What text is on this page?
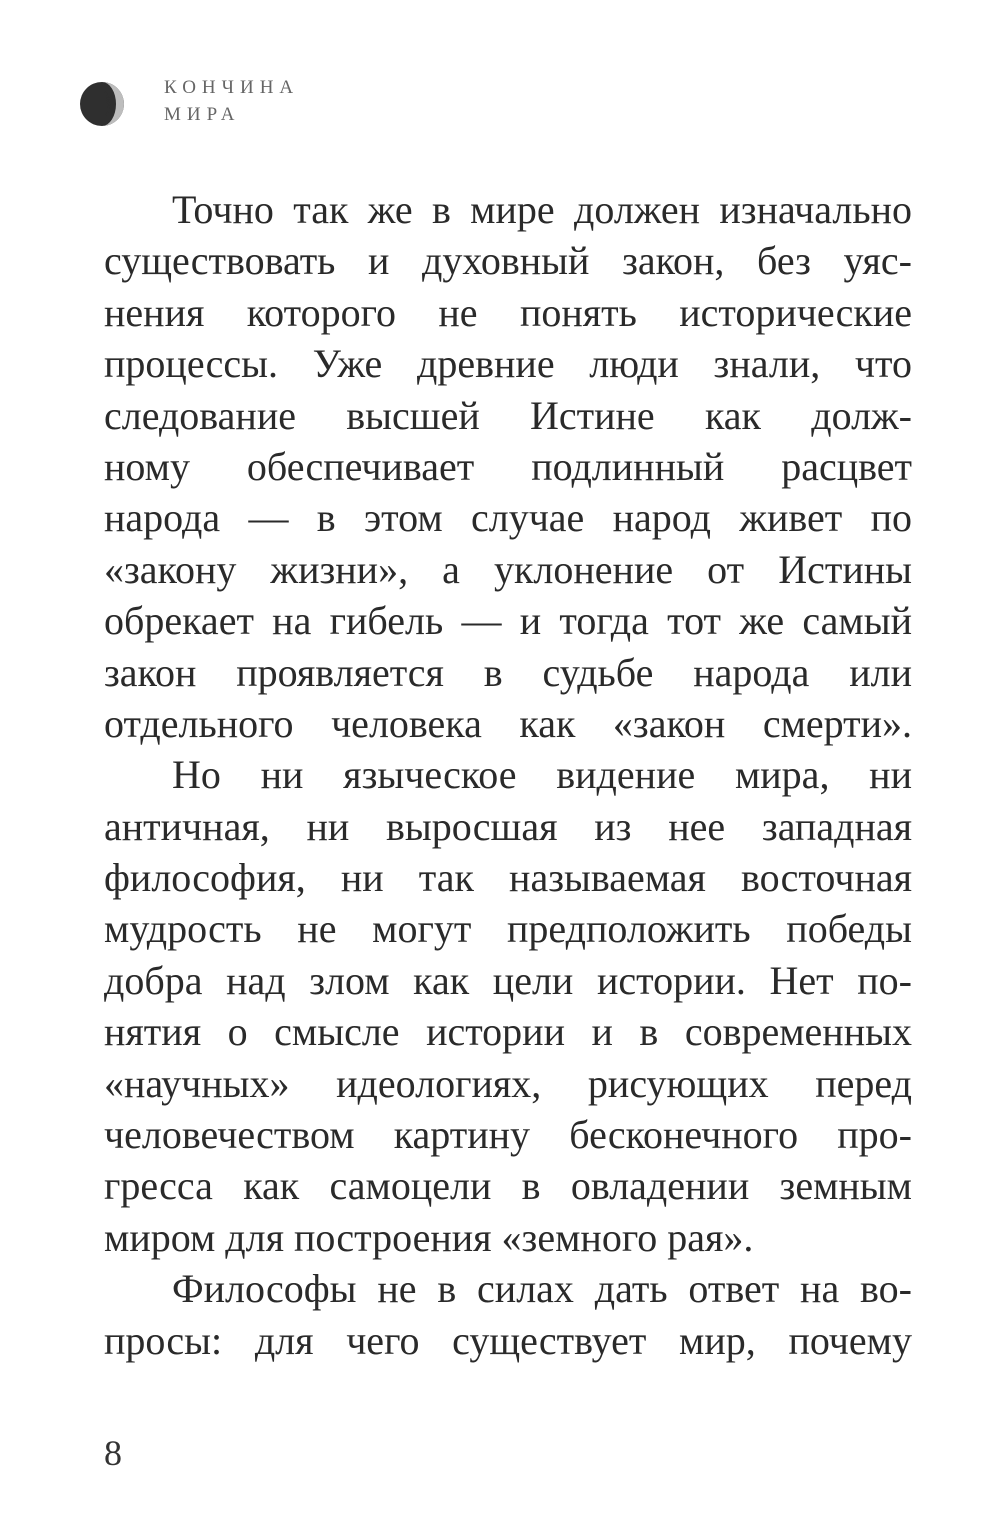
КОНЧИНА
МИРА
Точно так же в мире должен изначально
существовать и духовный закон, без уяс-
нения которого не понять исторические
процессы. Уже древние люди знали, что
следование высшей Истине как долж-
ному обеспечивает подлинный расцвет
народа — в этом случае народ живет по
«закону жизни», а уклонение от Истины
обрекает на гибель — и тогда тот же самый
закон проявляется в судьбе народа или
отдельного человека как «закон смерти».
Но ни языческое видение мира, ни
античная, ни выросшая из нее западная
философия, ни так называемая восточная
мудрость не могут предположить победы
добра над злом как цели истории. Нет по-
нятия о смысле истории и в современных
«научных» идеологиях, рисующих перед
человечеством картину бесконечного про-
гресса как самоцели в овладении земным
миром для построения «земного рая».
Философы не в силах дать ответ на во-
просы: для чего существует мир, почему
8
